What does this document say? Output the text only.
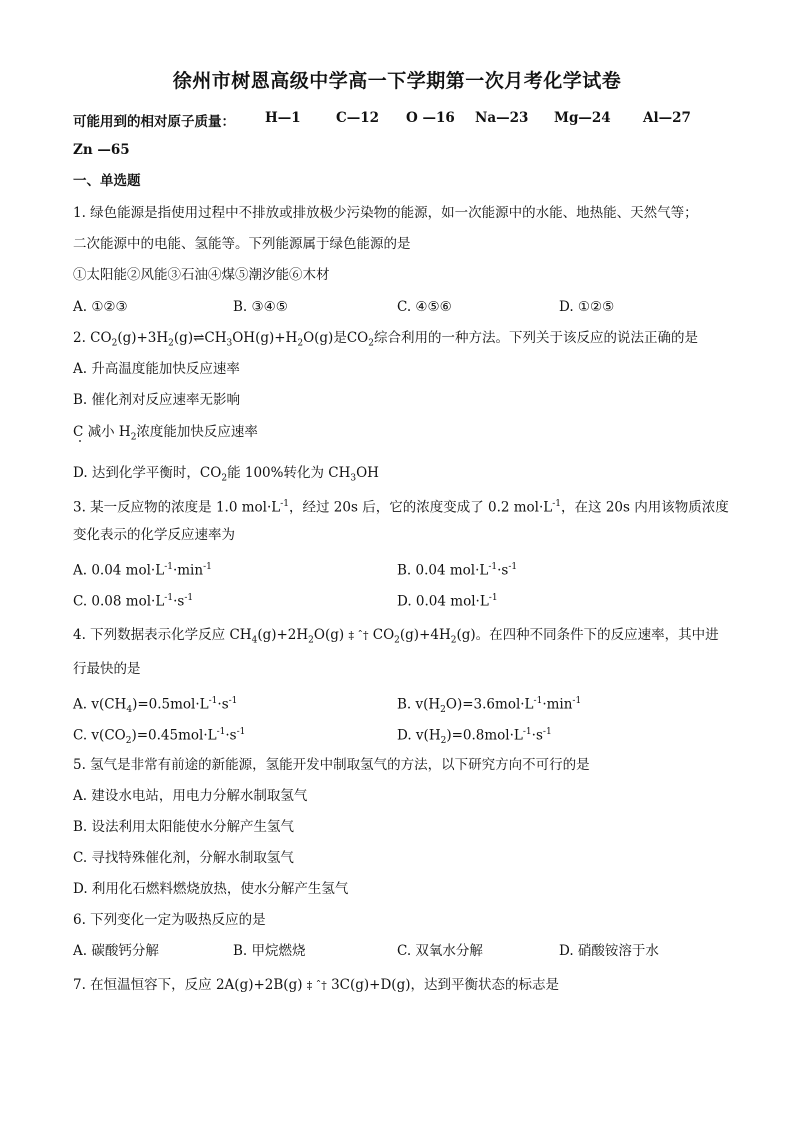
徐州市树恩高级中学高一下学期第一次月考化学试卷
可能用到的相对原子质量： H—1	C—12 O —16 Na—23 Mg—24 Al—27
Zn —65
一、单选题
1. 绿色能源是指使用过程中不排放或排放极少污染物的能源，如一次能源中的水能、地热能、天然气等；
二次能源中的电能、氢能等。下列能源属于绿色能源的是
①太阳能②风能③石油④煤⑤潮汐能⑥木材
A. ①②③	B. ③④⑤	C. ④⑤⑥	D. ①②⑤
2. $CO_2(g)+3H_2(g)\rightleftharpoons CH_3OH(g)+H_2O(g)$是$CO_2$综合利用的一种方法。下列关于该反应的说法正确的是
A. 升高温度能加快反应速率
B. 催化剂对反应速率无影响
C 减小 $H_2$浓度能加快反应速率
D. 达到化学平衡时，$CO_2$能 100%转化为 $CH_3OH$
3. 某一反应物的浓度是 1.0 $mol\cdot L^{-1}$，经过 20s 后，它的浓度变成了 0.2 $mol\cdot L^{-1}$，在这 20s 内用该物质浓度
变化表示的化学反应速率为
A. 0.04 $mol\cdot L^{-1}\cdot\min^{-1}$	B. 0.04 $mol\cdot L^{-1}\cdot s^{-1}$
C. 0.08 $mol\cdot L^{-1}\cdot s^{-1}$	D. 0.04 $mol\cdot L^{-1}$
4. 下列数据表示化学反应 $CH_4(g)+2H_2O(g)$ ‡ ˆ† $CO_2(g)+4H_2(g)$。在四种不同条件下的反应速率，其中进
行最快的是
A. $v(CH_4)=0.5mol\cdot L^{-1}\cdot s^{-1}$	B. $v(H_2O)=3.6mol\cdot L^{-1}\cdot\min^{-1}$
C. $v(CO_2)=0.45mol\cdot L^{-1}\cdot s^{-1}$	D. $v(H_2)=0.8mol\cdot L^{-1}\cdot s^{-1}$
5. 氢气是非常有前途的新能源，氢能开发中制取氢气的方法，以下研究方向不可行的是
A. 建设水电站，用电力分解水制取氢气
B. 设法利用太阳能使水分解产生氢气
C. 寻找特殊催化剂，分解水制取氢气
D. 利用化石燃料燃烧放热，使水分解产生氢气
6. 下列变化一定为吸热反应的是
A. 碳酸钙分解	B. 甲烷燃烧	C. 双氧水分解	D. 硝酸铵溶于水
7. 在恒温恒容下，反应 2A(g)+2B(g) ‡ ˆ† 3C(g)+D(g)，达到平衡状态的标志是
